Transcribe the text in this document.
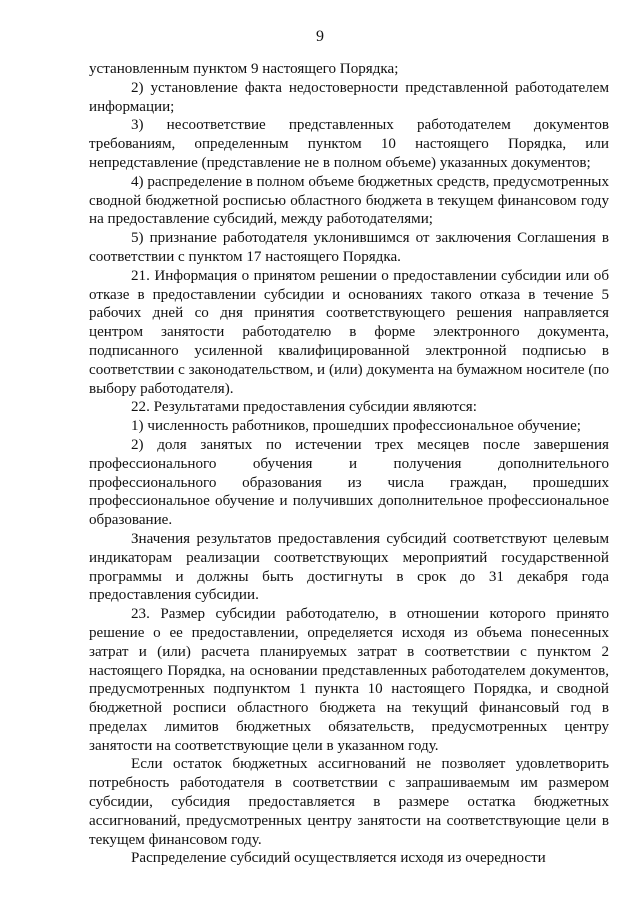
9

установленным пунктом 9 настоящего Порядка;

2) установление факта недостоверности представленной работодателем информации;

3) несоответствие представленных работодателем документов требованиям, определенным пунктом 10 настоящего Порядка, или непредставление (представление не в полном объеме) указанных документов;

4) распределение в полном объеме бюджетных средств, предусмотренных сводной бюджетной росписью областного бюджета в текущем финансовом году на предоставление субсидий, между работодателями;

5) признание работодателя уклонившимся от заключения Соглашения в соответствии с пунктом 17 настоящего Порядка.

21. Информация о принятом решении о предоставлении субсидии или об отказе в предоставлении субсидии и основаниях такого отказа в течение 5 рабочих дней со дня принятия соответствующего решения направляется центром занятости работодателю в форме электронного документа, подписанного усиленной квалифицированной электронной подписью в соответствии с законодательством, и (или) документа на бумажном носителе (по выбору работодателя).

22. Результатами предоставления субсидии являются:

1) численность работников, прошедших профессиональное обучение;

2) доля занятых по истечении трех месяцев после завершения профессионального обучения и получения дополнительного профессионального образования из числа граждан, прошедших профессиональное обучение и получивших дополнительное профессиональное образование.

Значения результатов предоставления субсидий соответствуют целевым индикаторам реализации соответствующих мероприятий государственной программы и должны быть достигнуты в срок до 31 декабря года предоставления субсидии.

23. Размер субсидии работодателю, в отношении которого принято решение о ее предоставлении, определяется исходя из объема понесенных затрат и (или) расчета планируемых затрат в соответствии с пунктом 2 настоящего Порядка, на основании представленных работодателем документов, предусмотренных подпунктом 1 пункта 10 настоящего Порядка, и сводной бюджетной росписи областного бюджета на текущий финансовый год в пределах лимитов бюджетных обязательств, предусмотренных центру занятости на соответствующие цели в указанном году.

Если остаток бюджетных ассигнований не позволяет удовлетворить потребность работодателя в соответствии с запрашиваемым им размером субсидии, субсидия предоставляется в размере остатка бюджетных ассигнований, предусмотренных центру занятости на соответствующие цели в текущем финансовом году.

Распределение субсидий осуществляется исходя из очередности
